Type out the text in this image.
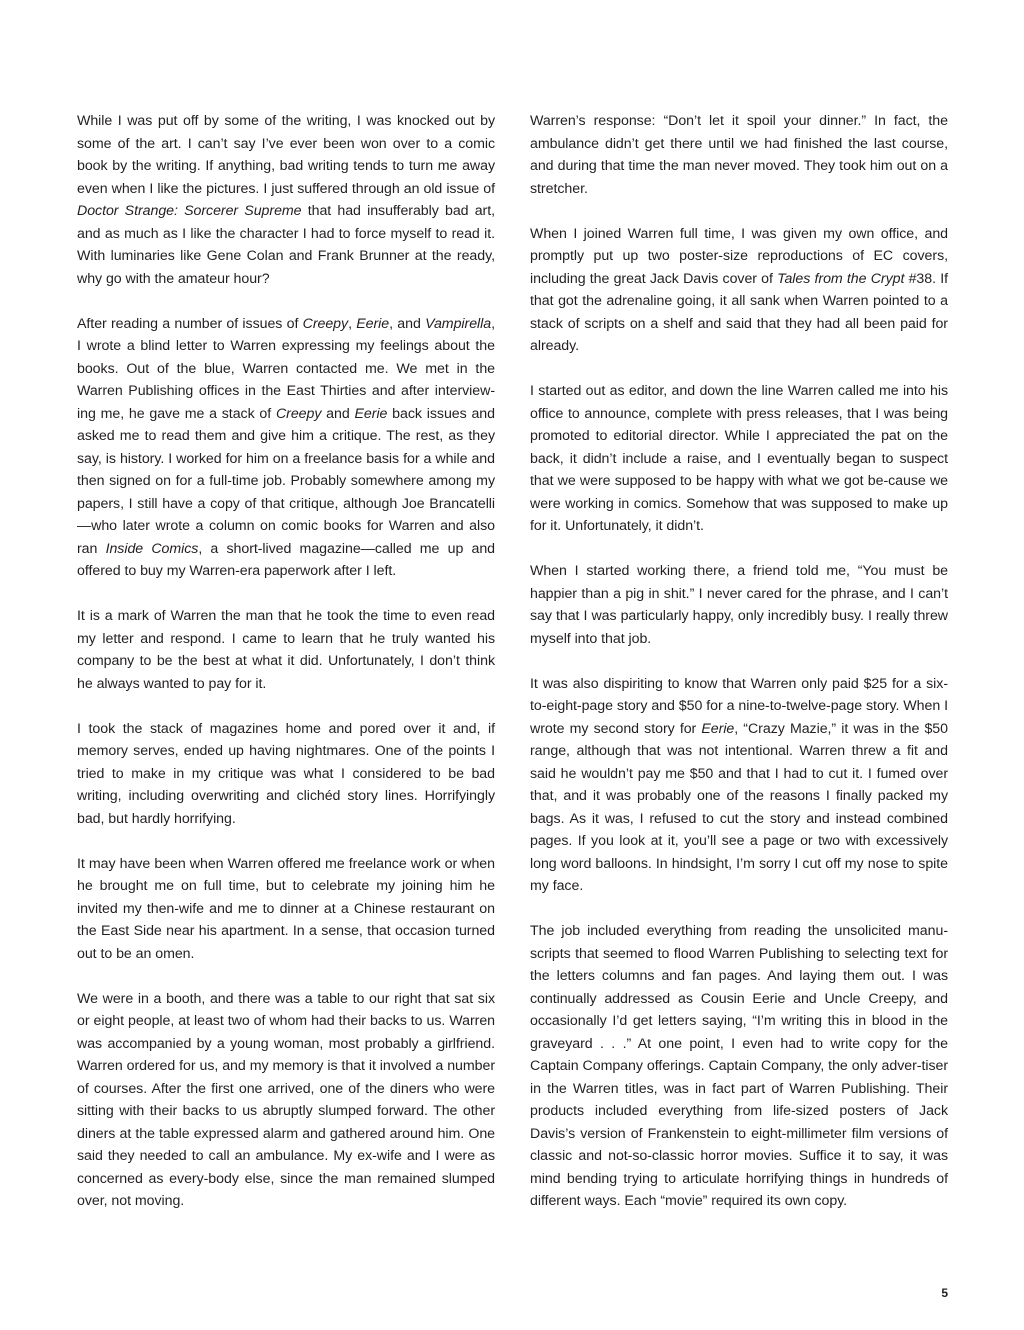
While I was put off by some of the writing, I was knocked out by some of the art. I can’t say I’ve ever been won over to a comic book by the writing. If anything, bad writing tends to turn me away even when I like the pictures. I just suffered through an old issue of Doctor Strange: Sorcerer Supreme that had insufferably bad art, and as much as I like the character I had to force myself to read it. With luminaries like Gene Colan and Frank Brunner at the ready, why go with the amateur hour?

After reading a number of issues of Creepy, Eerie, and Vampirella, I wrote a blind letter to Warren expressing my feelings about the books. Out of the blue, Warren contacted me. We met in the Warren Publishing offices in the East Thirties and after interview-ing me, he gave me a stack of Creepy and Eerie back issues and asked me to read them and give him a critique. The rest, as they say, is history. I worked for him on a freelance basis for a while and then signed on for a full-time job. Probably somewhere among my papers, I still have a copy of that critique, although Joe Brancatelli—who later wrote a column on comic books for Warren and also ran Inside Comics, a short-lived magazine—called me up and offered to buy my Warren-era paperwork after I left.

It is a mark of Warren the man that he took the time to even read my letter and respond. I came to learn that he truly wanted his company to be the best at what it did. Unfortunately, I don’t think he always wanted to pay for it.

I took the stack of magazines home and pored over it and, if memory serves, ended up having nightmares. One of the points I tried to make in my critique was what I considered to be bad writing, including overwriting and clichéd story lines. Horrifyingly bad, but hardly horrifying.

It may have been when Warren offered me freelance work or when he brought me on full time, but to celebrate my joining him he invited my then-wife and me to dinner at a Chinese restaurant on the East Side near his apartment. In a sense, that occasion turned out to be an omen.

We were in a booth, and there was a table to our right that sat six or eight people, at least two of whom had their backs to us. Warren was accompanied by a young woman, most probably a girlfriend. Warren ordered for us, and my memory is that it involved a number of courses. After the first one arrived, one of the diners who were sitting with their backs to us abruptly slumped forward. The other diners at the table expressed alarm and gathered around him. One said they needed to call an ambulance. My ex-wife and I were as concerned as every-body else, since the man remained slumped over, not moving.

Warren’s response: “Don’t let it spoil your dinner.” In fact, the ambulance didn’t get there until we had finished the last course, and during that time the man never moved. They took him out on a stretcher.

When I joined Warren full time, I was given my own office, and promptly put up two poster-size reproductions of EC covers, including the great Jack Davis cover of Tales from the Crypt #38. If that got the adrenaline going, it all sank when Warren pointed to a stack of scripts on a shelf and said that they had all been paid for already.

I started out as editor, and down the line Warren called me into his office to announce, complete with press releases, that I was being promoted to editorial director. While I appreciated the pat on the back, it didn’t include a raise, and I eventually began to suspect that we were supposed to be happy with what we got be-cause we were working in comics. Somehow that was supposed to make up for it. Unfortunately, it didn’t.

When I started working there, a friend told me, “You must be happier than a pig in shit.” I never cared for the phrase, and I can’t say that I was particularly happy, only incredibly busy. I really threw myself into that job.

It was also dispiriting to know that Warren only paid $25 for a six-to-eight-page story and $50 for a nine-to-twelve-page story. When I wrote my second story for Eerie, “Crazy Mazie,” it was in the $50 range, although that was not intentional. Warren threw a fit and said he wouldn’t pay me $50 and that I had to cut it. I fumed over that, and it was probably one of the reasons I finally packed my bags. As it was, I refused to cut the story and instead combined pages. If you look at it, you’ll see a page or two with excessively long word balloons. In hindsight, I’m sorry I cut off my nose to spite my face.

The job included everything from reading the unsolicited manu-scripts that seemed to flood Warren Publishing to selecting text for the letters columns and fan pages. And laying them out. I was continually addressed as Cousin Eerie and Uncle Creepy, and occasionally I’d get letters saying, “I’m writing this in blood in the graveyard . . .” At one point, I even had to write copy for the Captain Company offerings. Captain Company, the only adver-tiser in the Warren titles, was in fact part of Warren Publishing. Their products included everything from life-sized posters of Jack Davis’s version of Frankenstein to eight-millimeter film versions of classic and not-so-classic horror movies. Suffice it to say, it was mind bending trying to articulate horrifying things in hundreds of different ways. Each “movie” required its own copy.

5
